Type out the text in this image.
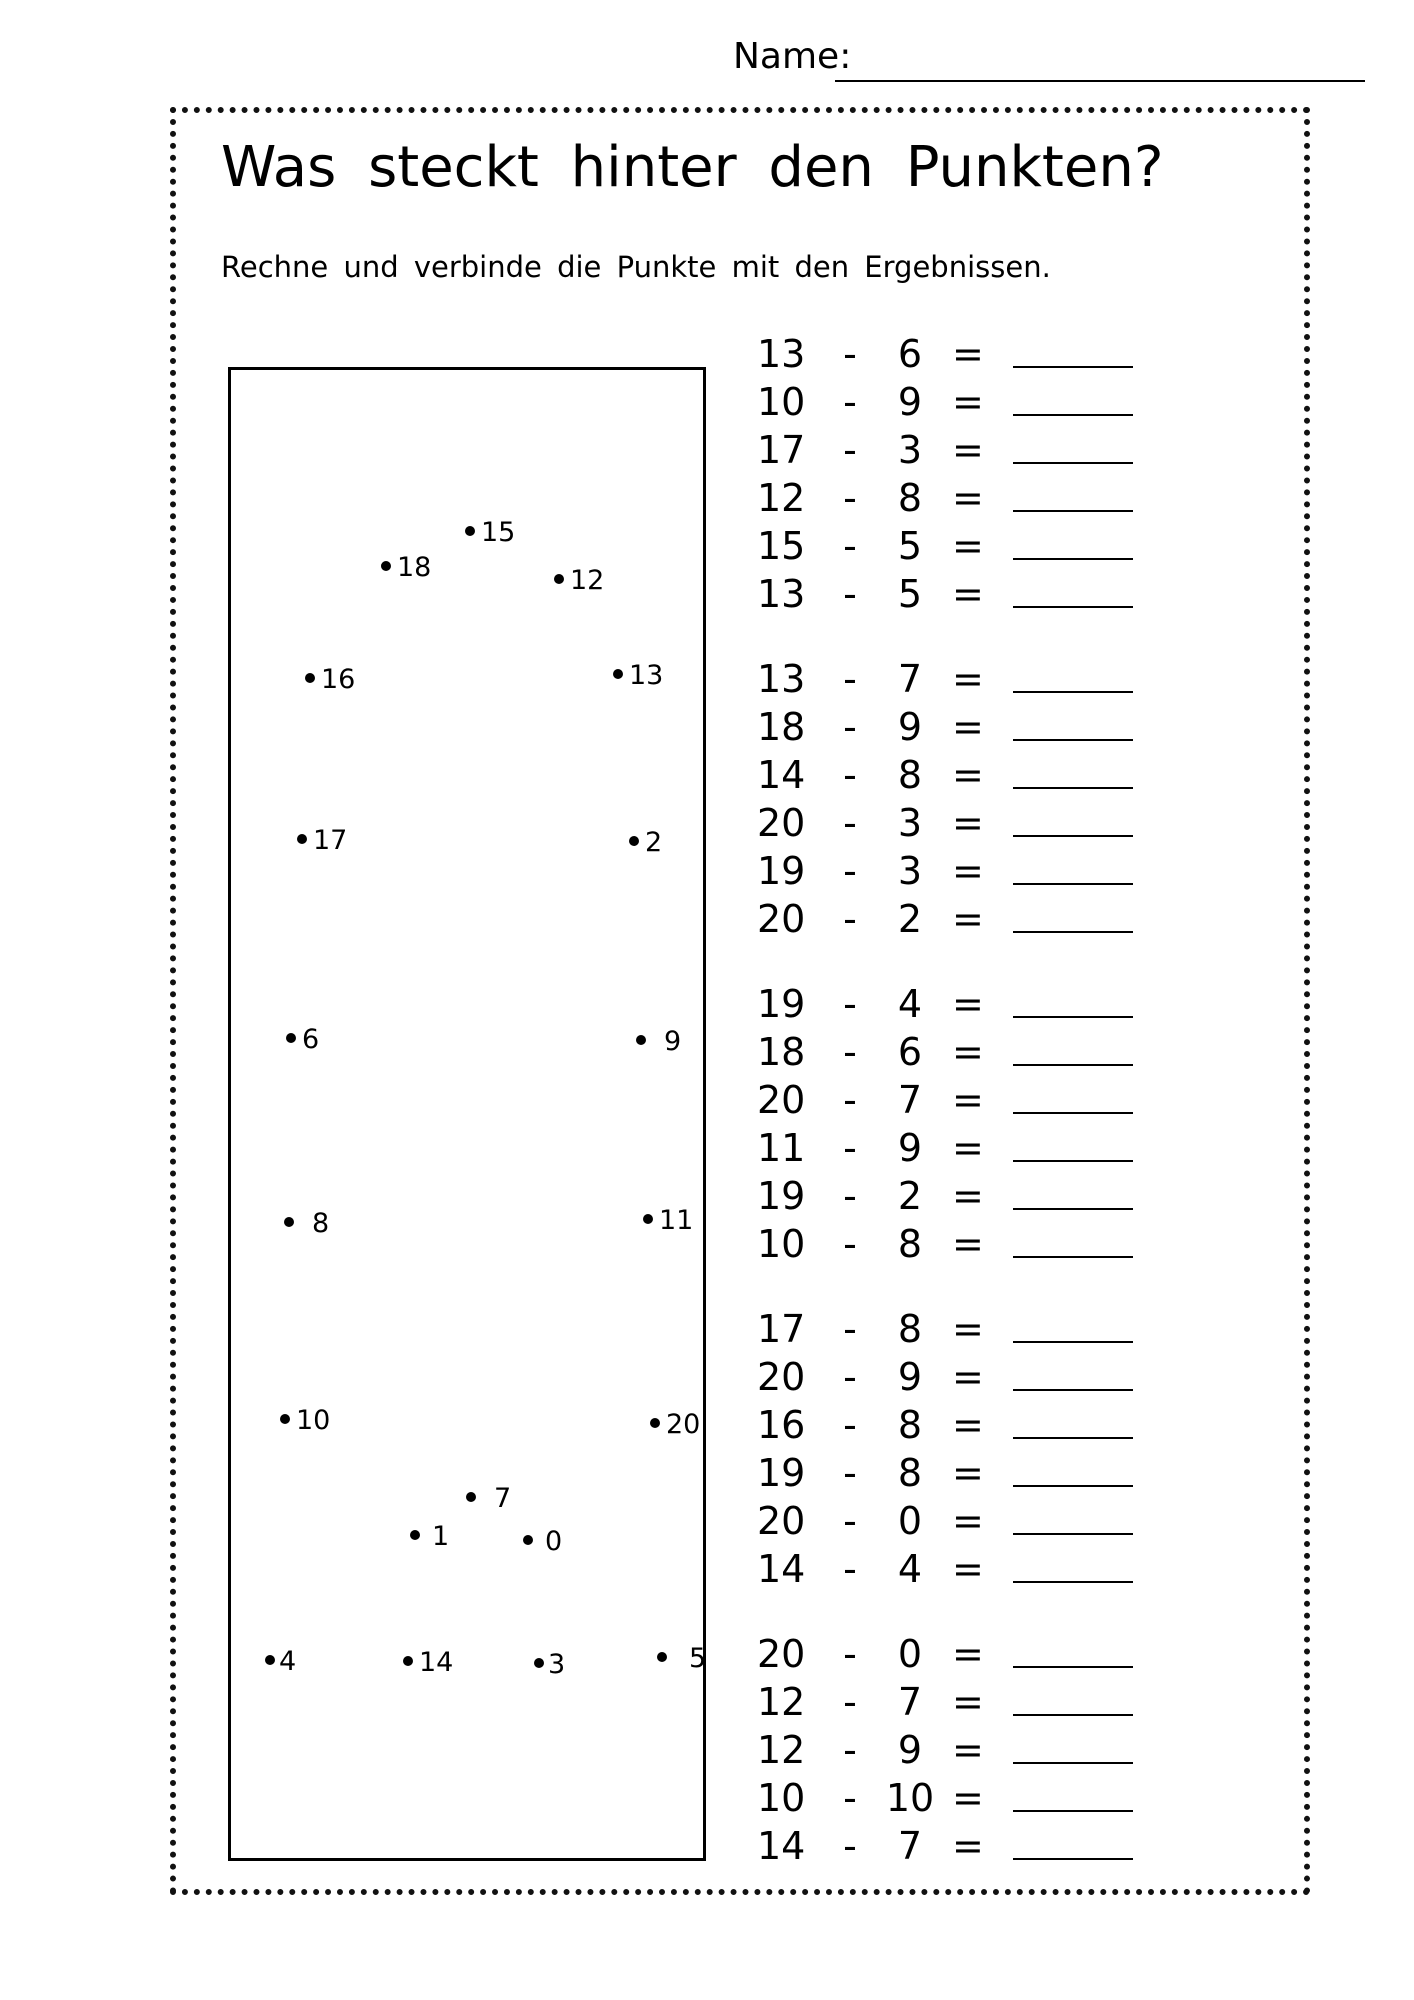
Name:
Was steckt hinter den Punkten?
Rechne und verbinde die Punkte mit den Ergebnissen.
15
18	12
16	13
17	2
6	9
8	11
10	20
7
1	0
4	14	3	5
13 -	6 =
10 -	9 =
17 -	3 =
12 -	8 =
15 -	5 =
13 -	5 =
13 -	7 =
18 -	9 =
14 -	8 =
20 -	3 =
19 -	3 =
20 -	2 =
19 -	4 =
18 -	6 =
20 -	7 =
11 -	9 =
19 -	2 =
10 -	8 =
17 -	8 =
20 -	9 =
16 -	8 =
19 -	8 =
20 -	0 =
14 -	4 =
20 -	0 =
12 -	7 =
12 -	9 =
10 - 10 =
14 -	7 =
